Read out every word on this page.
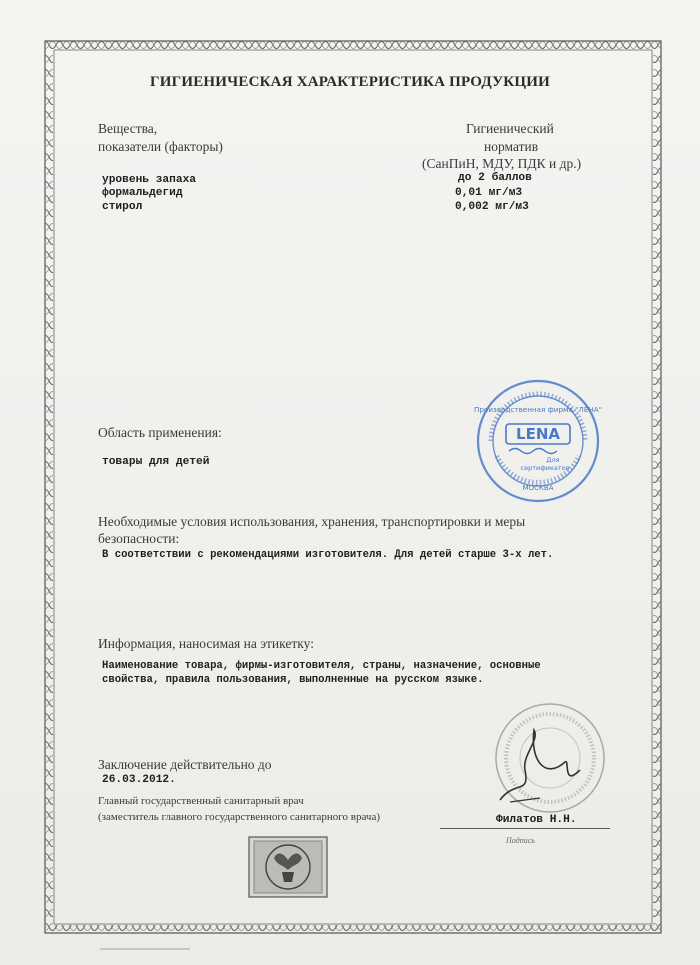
ГИГИЕНИЧЕСКАЯ ХАРАКТЕРИСТИКА ПРОДУКЦИИ
Вещества,
показатели (факторы)
Гигиенический
норматив
(СанПиН, МДУ, ПДК и др.)
уровень запаха	до 2 баллов
формальдегид	0,01 мг/м3
стирол	0,002 мг/м3
Область применения:
товары для детей
Необходимые условия использования, хранения, транспортировки и меры
безопасности:
В соответствии с рекомендациями изготовителя. Для детей старше 3-х лет.
Информация, наносимая на этикетку:
Наименование товара, фирмы-изготовителя, страны, назначение, основные
свойства, правила пользования, выполненные на русском языке.
Заключение действительно до
26.03.2012.
Главный государственный санитарный врач
(заместитель главного государственного санитарного врача)	Филатов Н.Н.
Подпись
Производственная фирма "ЛЕНА"
LENA
Для
сертификатов
МОСКВА
